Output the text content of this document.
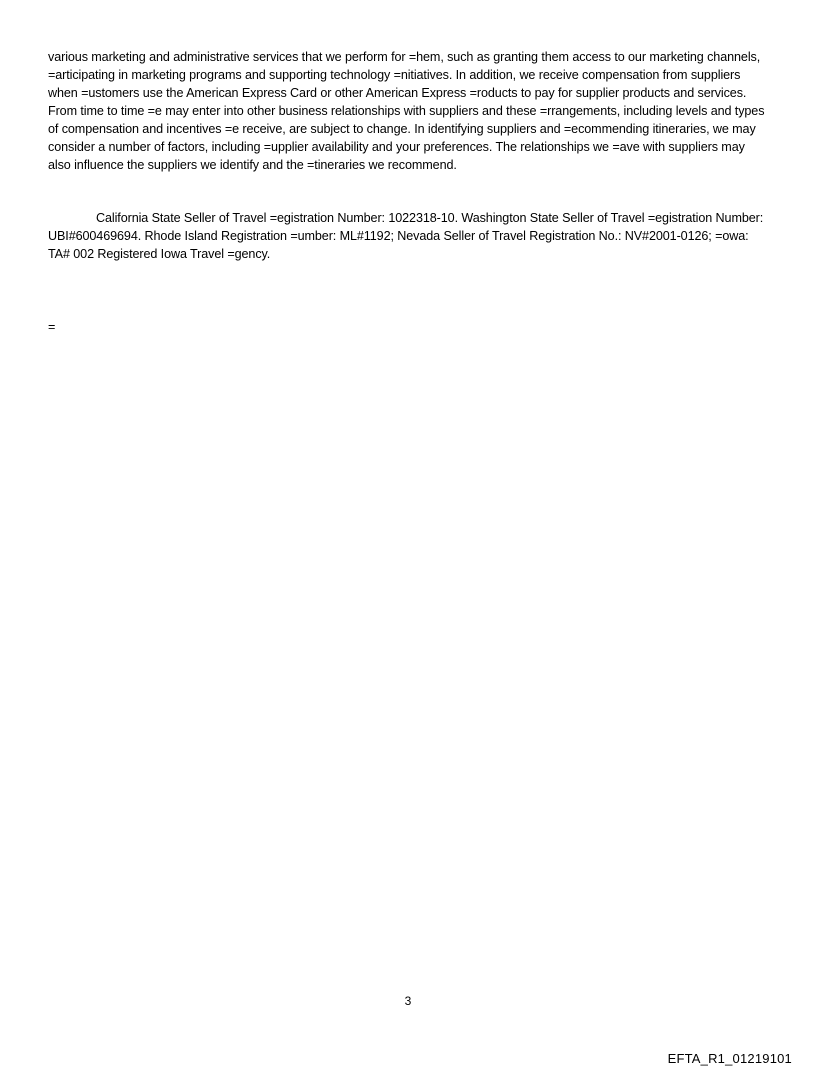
various marketing and administrative services that we perform for =hem, such as granting them access to our marketing channels, =articipating in marketing programs and supporting technology =nitiatives. In addition, we receive compensation from suppliers when =ustomers use the American Express Card or other American Express =roducts to pay for supplier products and services. From time to time =e may enter into other business relationships with suppliers and these =rrangements, including levels and types of compensation and incentives =e receive, are subject to change. In identifying suppliers and =ecommending itineraries, we may consider a number of factors, including =upplier availability and your preferences. The relationships we =ave with suppliers may also influence the suppliers we identify and the =tineraries we recommend.

California State Seller of Travel =egistration Number: 1022318-10. Washington State Seller of Travel =egistration Number: UBI#600469694. Rhode Island Registration =umber: ML#1192; Nevada Seller of Travel Registration No.: NV#2001-0126; =owa: TA# 002 Registered Iowa Travel =gency.

=
3
EFTA_R1_01219101
